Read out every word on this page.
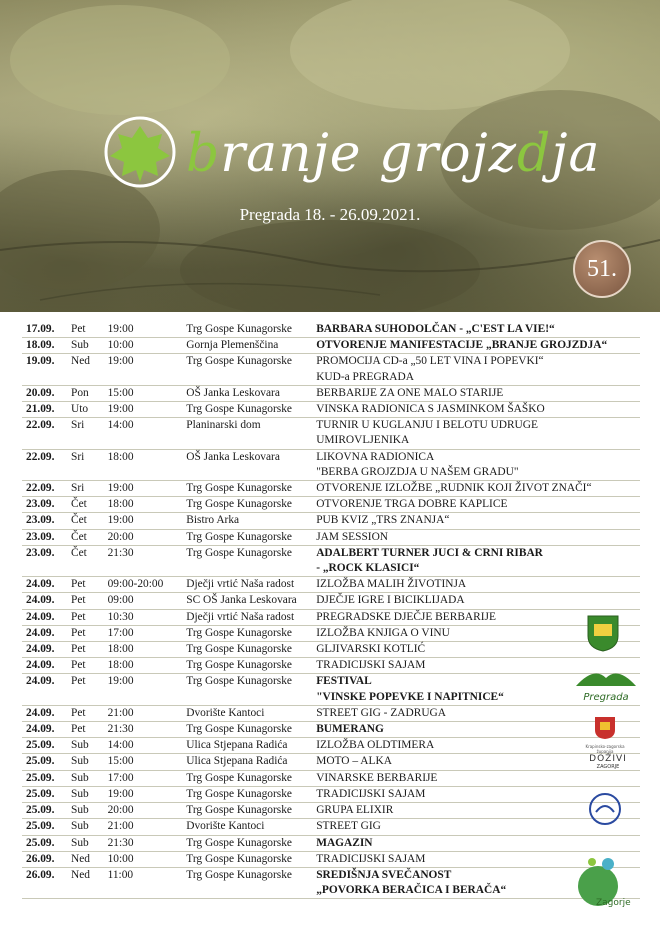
branje grojzdja
Pregrada 18. - 26.09.2021.
51.
17.09.	Pet	19:00	Trg Gospe Kunagorske	BARBARA SUHODOLČAN - „C'EST LA VIE!“

18.09.	Sub	10:00	Gornja Plemenščina	OTVORENJE MANIFESTACIJE „BRANJE GROJZDJA“

19.09.	Ned	19:00	Trg Gospe Kunagorske	PROMOCIJA CD-a „50 LET VINA I POPEVKI“
KUD-a PREGRADA

20.09.	Pon	15:00	OŠ Janka Leskovara	BERBARIJE ZA ONE MALO STARIJE

21.09.	Uto	19:00	Trg Gospe Kunagorske	VINSKA RADIONICA S JASMINKOM ŠAŠKO

22.09.	Sri	14:00	Planinarski dom	TURNIR U KUGLANJU I BELOTU UDRUGE
UMIROVLJENIKA

22.09.	Sri	18:00	OŠ Janka Leskovara	LIKOVNA RADIONICA
"BERBA GROJZDJA U NAŠEM GRADU"

22.09.	Sri	19:00	Trg Gospe Kunagorske	OTVORENJE IZLOŽBE „RUDNIK KOJI ŽIVOT ZNAČI“

23.09.	Čet	18:00	Trg Gospe Kunagorske	OTVORENJE TRGA DOBRE KAPLICE

23.09.	Čet	19:00	Bistro Arka	PUB KVIZ „TRS ZNANJA“

23.09.	Čet	20:00	Trg Gospe Kunagorske	JAM SESSION

23.09.	Čet	21:30	Trg Gospe Kunagorske	ADALBERT TURNER JUCI & CRNI RIBAR
- „ROCK KLASICI“

24.09.	Pet	09:00-20:00	Dječji vrtić Naša radost	IZLOŽBA MALIH ŽIVOTINJA

24.09.	Pet	09:00	SC OŠ Janka Leskovara	DJEČJE IGRE I BICIKLIJADA

24.09.	Pet	10:30	Dječji vrtić Naša radost	PREGRADSKE DJEČJE BERBARIJE

24.09.	Pet	17:00	Trg Gospe Kunagorske	IZLOŽBA KNJIGA O VINU

24.09.	Pet	18:00	Trg Gospe Kunagorske	GLJIVARSKI KOTLIĆ

24.09.	Pet	18:00	Trg Gospe Kunagorske	TRADICIJSKI SAJAM

24.09.	Pet	19:00	Trg Gospe Kunagorske	FESTIVAL
"VINSKE POPEVKE I NAPITNICE“

24.09.	Pet	21:00	Dvorište Kantoci	STREET GIG - ZADRUGA

24.09.	Pet	21:30	Trg Gospe Kunagorske	BUMERANG

25.09.	Sub	14:00	Ulica Stjepana Radića	IZLOŽBA OLDTIMERA

25.09.	Sub	15:00	Ulica Stjepana Radića	MOTO – ALKA

25.09.	Sub	17:00	Trg Gospe Kunagorske	VINARSKE BERBARIJE

25.09.	Sub	19:00	Trg Gospe Kunagorske	TRADICIJSKI SAJAM

25.09.	Sub	20:00	Trg Gospe Kunagorske	GRUPA ELIXIR

25.09.	Sub	21:00	Dvorište Kantoci	STREET GIG

25.09.	Sub	21:30	Trg Gospe Kunagorske	MAGAZIN

26.09.	Ned	10:00	Trg Gospe Kunagorske	TRADICIJSKI SAJAM

26.09.	Ned	11:00	Trg Gospe Kunagorske	SREDIŠNJA SVEČANOST
„POVORKA BERAČICA I BERAČA“
Pregrada
Krapinsko-zagorska županija
DOŽIVI
ZAGORJE
Zagorje
